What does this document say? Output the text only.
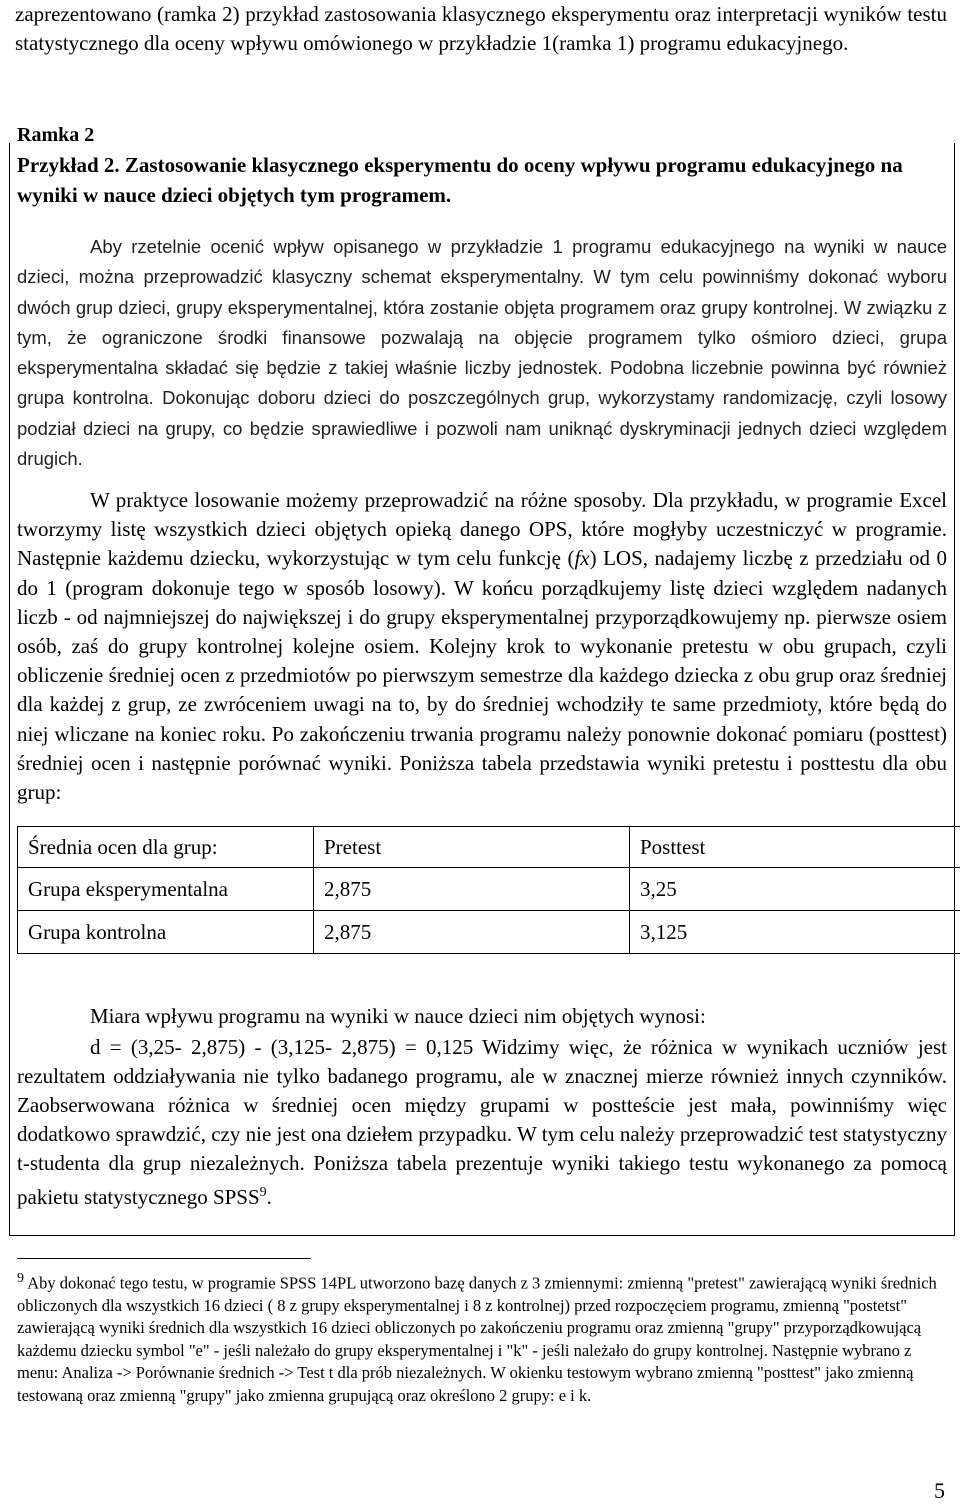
zaprezentowano (ramka 2) przykład zastosowania klasycznego eksperymentu oraz interpretacji wyników testu statystycznego dla oceny wpływu omówionego w przykładzie 1(ramka 1) programu edukacyjnego.
Ramka 2
Przykład 2. Zastosowanie klasycznego eksperymentu do oceny wpływu programu edukacyjnego na wyniki w nauce dzieci objętych tym programem.
Aby rzetelnie ocenić wpływ opisanego w przykładzie 1 programu edukacyjnego na wyniki w nauce dzieci, można przeprowadzić klasyczny schemat eksperymentalny. W tym celu powinniśmy dokonać wyboru dwóch grup dzieci, grupy eksperymentalnej, która zostanie objęta programem oraz grupy kontrolnej. W związku z tym, że ograniczone środki finansowe pozwalają na objęcie programem tylko ośmioro dzieci, grupa eksperymentalna składać się będzie z takiej właśnie liczby jednostek. Podobna liczebnie powinna być również grupa kontrolna. Dokonując doboru dzieci do poszczególnych grup, wykorzystamy randomizację, czyli losowy podział dzieci na grupy, co będzie sprawiedliwe i pozwoli nam uniknąć dyskryminacji jednych dzieci względem drugich.
W praktyce losowanie możemy przeprowadzić na różne sposoby. Dla przykładu, w programie Excel tworzymy listę wszystkich dzieci objętych opieką danego OPS, które mogłyby uczestniczyć w programie. Następnie każdemu dziecku, wykorzystując w tym celu funkcję (fx) LOS, nadajemy liczbę z przedziału od 0 do 1 (program dokonuje tego w sposób losowy). W końcu porządkujemy listę dzieci względem nadanych liczb - od najmniejszej do największej i do grupy eksperymentalnej przyporządkowujemy np. pierwsze osiem osób, zaś do grupy kontrolnej kolejne osiem. Kolejny krok to wykonanie pretestu w obu grupach, czyli obliczenie średniej ocen z przedmiotów po pierwszym semestrze dla każdego dziecka z obu grup oraz średniej dla każdej z grup, ze zwróceniem uwagi na to, by do średniej wchodziły te same przedmioty, które będą do niej wliczane na koniec roku. Po zakończeniu trwania programu należy ponownie dokonać pomiaru (posttest) średniej ocen i następnie porównać wyniki. Poniższa tabela przedstawia wyniki pretestu i posttestu dla obu grup:
Średnia ocen dla grup:	Pretest	Posttest
Grupa eksperymentalna	2,875	3,25
Grupa kontrolna	2,875	3,125
Miara wpływu programu na wyniki w nauce dzieci nim objętych wynosi:
d = (3,25- 2,875) - (3,125- 2,875) = 0,125 Widzimy więc, że różnica w wynikach uczniów jest rezultatem oddziaływania nie tylko badanego programu, ale w znacznej mierze również innych czynników. Zaobserwowana różnica w średniej ocen między grupami w postteście jest mała, powinniśmy więc dodatkowo sprawdzić, czy nie jest ona dziełem przypadku. W tym celu należy przeprowadzić test statystyczny t-studenta dla grup niezależnych. Poniższa tabela prezentuje wyniki takiego testu wykonanego za pomocą pakietu statystycznego SPSS$^9$.
$^9$ Aby dokonać tego testu, w programie SPSS 14PL utworzono bazę danych z 3 zmiennymi: zmienną "pretest" zawierającą wyniki średnich obliczonych dla wszystkich 16 dzieci ( 8 z grupy eksperymentalnej i 8 z kontrolnej) przed rozpoczęciem programu, zmienną "postetst" zawierającą wyniki średnich dla wszystkich 16 dzieci obliczonych po zakończeniu programu oraz zmienną "grupy" przyporządkowującą każdemu dziecku symbol "e" - jeśli należało do grupy eksperymentalnej i "k" - jeśli należało do grupy kontrolnej. Następnie wybrano z menu: Analiza -> Porównanie średnich -> Test t dla prób niezależnych. W okienku testowym wybrano zmienną "posttest" jako zmienną testowaną oraz zmienną "grupy" jako zmienna grupującą oraz określono 2 grupy: e i k.
5
